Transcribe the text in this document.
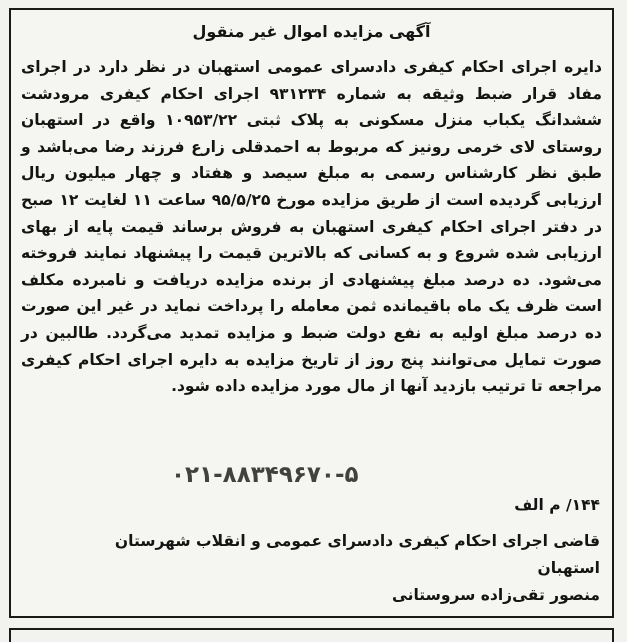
آگهی مزایده اموال غیر منقول
دایره اجرای احکام کیفری دادسرای عمومی استهبان در نظر دارد در اجرای مفاد قرار ضبط وثیقه به شماره ۹۳۱۲۳۴ اجرای احکام کیفری مرودشت ششدانگ یکباب منزل مسکونی به پلاک ثبتی ۱۰۹۵۳/۲۲ واقع در استهبان روستای لای خرمی رونیز که مربوط به احمدقلی زارع فرزند رضا می‌باشد و طبق نظر کارشناس رسمی به مبلغ سیصد و هفتاد و چهار میلیون ریال ارزیابی گردیده است از طریق مزایده مورخ ۹۵/۵/۲۵ ساعت ۱۱ لغایت ۱۲ صبح در دفتر اجرای احکام کیفری استهبان به فروش برساند قیمت پایه از بهای ارزیابی شده شروع و به کسانی که بالاترین قیمت را پیشنهاد نمایند فروخته می‌شود. ده درصد مبلغ پیشنهادی از برنده مزایده دریافت و نامبرده مکلف است ظرف یک ماه باقیمانده ثمن معامله را پرداخت نماید در غیر این صورت ده درصد مبلغ اولیه به نفع دولت ضبط و مزایده تمدید می‌گردد. طالبین در صورت تمایل می‌توانند پنج روز از تاریخ مزایده به دایره اجرای احکام کیفری مراجعه تا ترتیب بازدید آنها از مال مورد مزایده داده شود.
۰۲۱-۸۸۳۴۹۶۷۰-۵
۱۴۴/ م الف
قاضی اجرای احکام کیفری دادسرای عمومی و انقلاب شهرستان
استهبان
منصور تقی‌زاده سروستانی
